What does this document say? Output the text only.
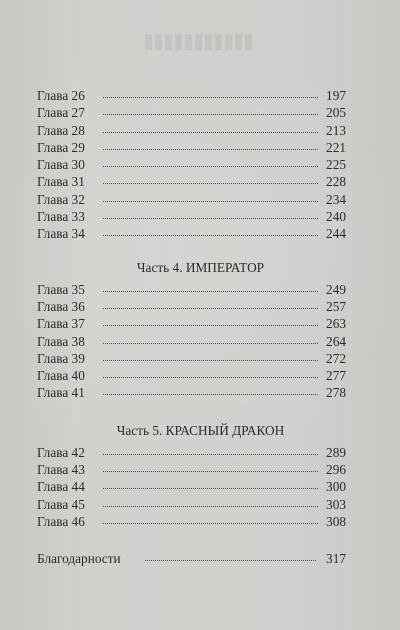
Глава 26	197
Глава 27	205
Глава 28	213
Глава 29	221
Глава 30	225
Глава 31	228
Глава 32	234
Глава 33	240
Глава 34	244
Часть 4. ИМПЕРАТОР
Глава 35	249
Глава 36	257
Глава 37	263
Глава 38	264
Глава 39	272
Глава 40	277
Глава 41	278
Часть 5. КРАСНЫЙ ДРАКОН
Глава 42	289
Глава 43	296
Глава 44	300
Глава 45	303
Глава 46	308
Благодарности	317
